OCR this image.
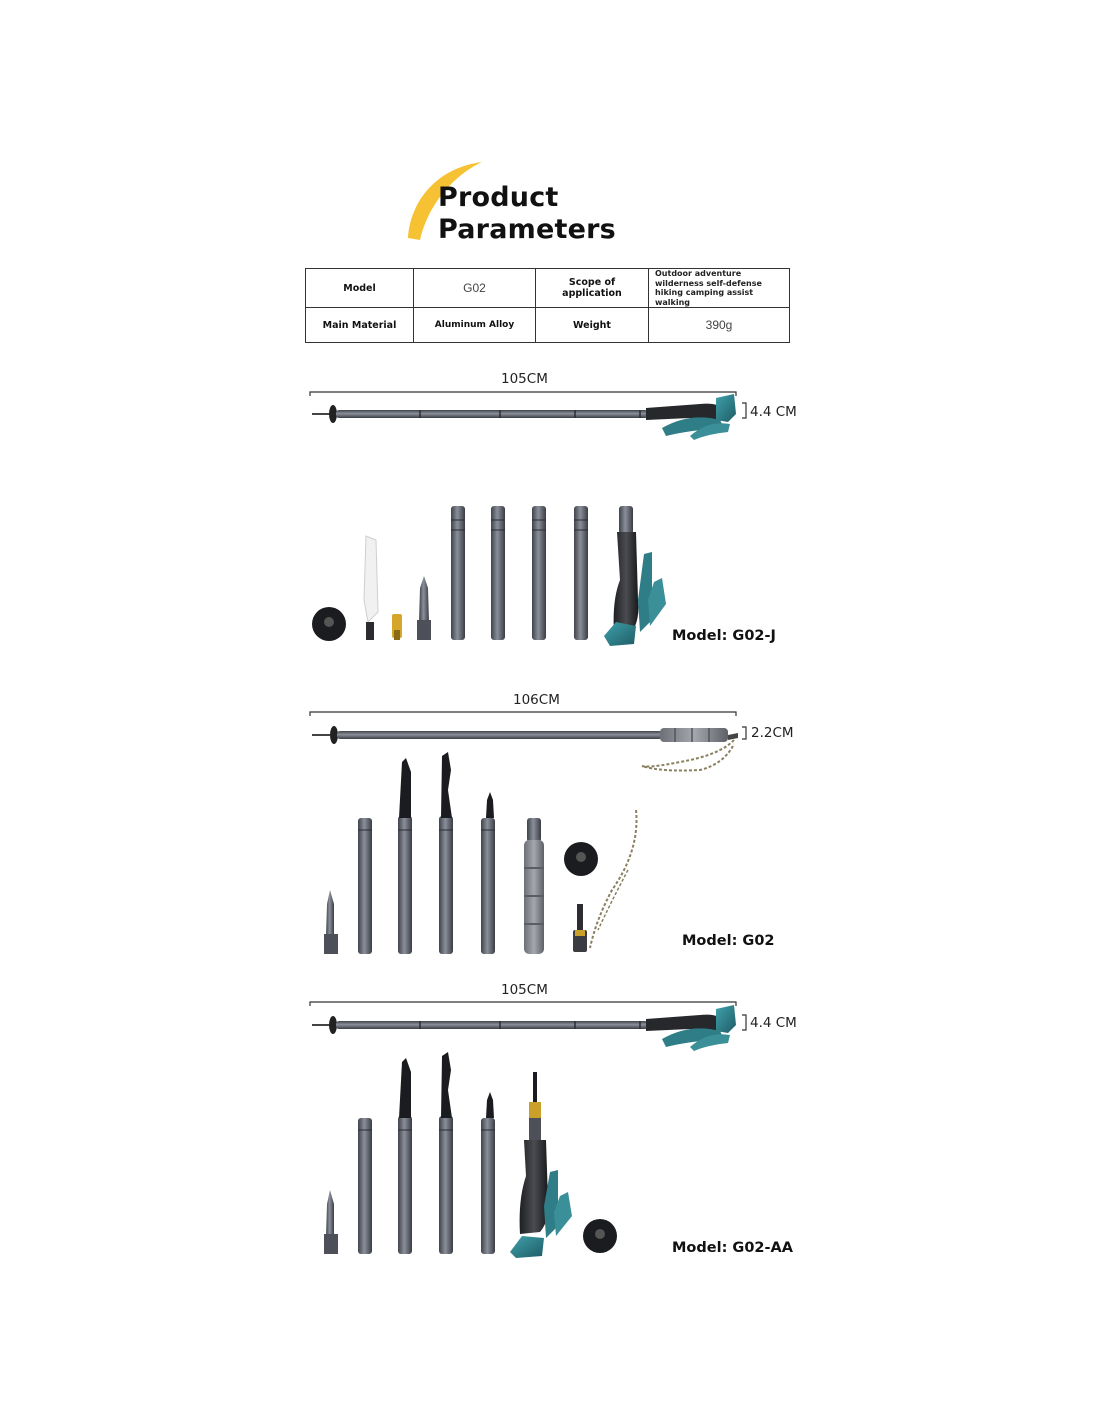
Product
Parameters
Model	G02	Scope of application	Outdoor adventure wilderness self-defense hiking camping assist walking
Main Material	Aluminum Alloy	Weight	390g
105CM
4.4 CM
Model: G02-J
106CM
2.2CM
Model: G02
105CM
4.4 CM
Model: G02-AA
